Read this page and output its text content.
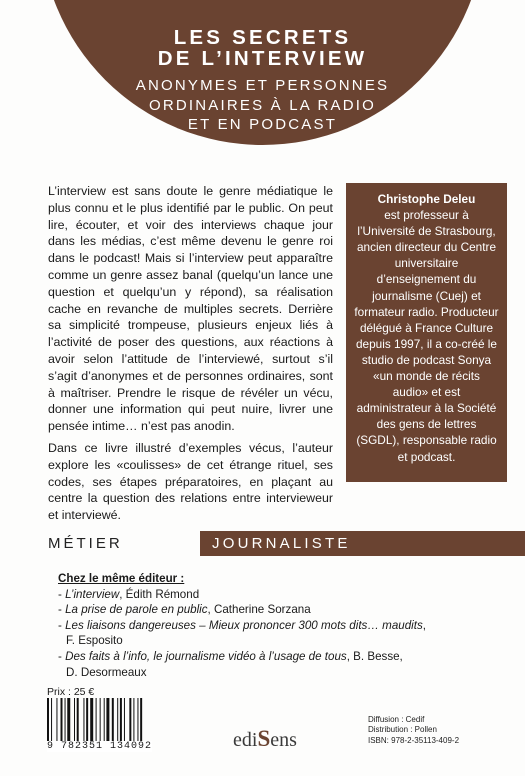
LES SECRETS
DE L’INTERVIEW
ANONYMES ET PERSONNES
ORDINAIRES À LA RADIO
ET EN PODCAST

L’interview est sans doute le genre médiatique le plus connu et le plus identifié par le public. On peut lire, écouter, et voir des interviews chaque jour dans les médias, c’est même devenu le genre roi dans le podcast! Mais si l’interview peut apparaître comme un genre assez banal (quelqu’un lance une question et quelqu’un y répond), sa réalisation cache en revanche de multiples secrets. Derrière sa simplicité trompeuse, plusieurs enjeux liés à l’activité de poser des questions, aux réactions à avoir selon l’attitude de l’interviewé, surtout s’il s’agit d’anonymes et de personnes ordinaires, sont à maîtriser. Prendre le risque de révéler un vécu, donner une information qui peut nuire, livrer une pensée intime… n’est pas anodin.

Dans ce livre illustré d’exemples vécus, l’auteur explore les «coulisses» de cet étrange rituel, ses codes, ses étapes préparatoires, en plaçant au centre la question des relations entre intervieweur et interviewé.

Christophe Deleu
est professeur à l’Université de Strasbourg, ancien directeur du Centre universitaire d’enseignement du journalisme (Cuej) et formateur radio. Producteur délégué à France Culture depuis 1997, il a co-créé le studio de podcast Sonya «un monde de récits audio» et est administrateur à la Société des gens de lettres (SGDL), responsable radio et podcast.
MÉTIER	JOURNALISTE
Chez le même éditeur :
- L’interview, Édith Rémond
- La prise de parole en public, Catherine Sorzana
- Les liaisons dangereuses – Mieux prononcer 300 mots dits… maudits,
F. Esposito
- Des faits à l’info, le journalisme vidéo à l’usage de tous, B. Besse,
D. Desormeaux
Prix : 25 €
9 782351 134092	ediSens
Diffusion : Cedif
Distribution : Pollen
ISBN: 978-2-35113-409-2
